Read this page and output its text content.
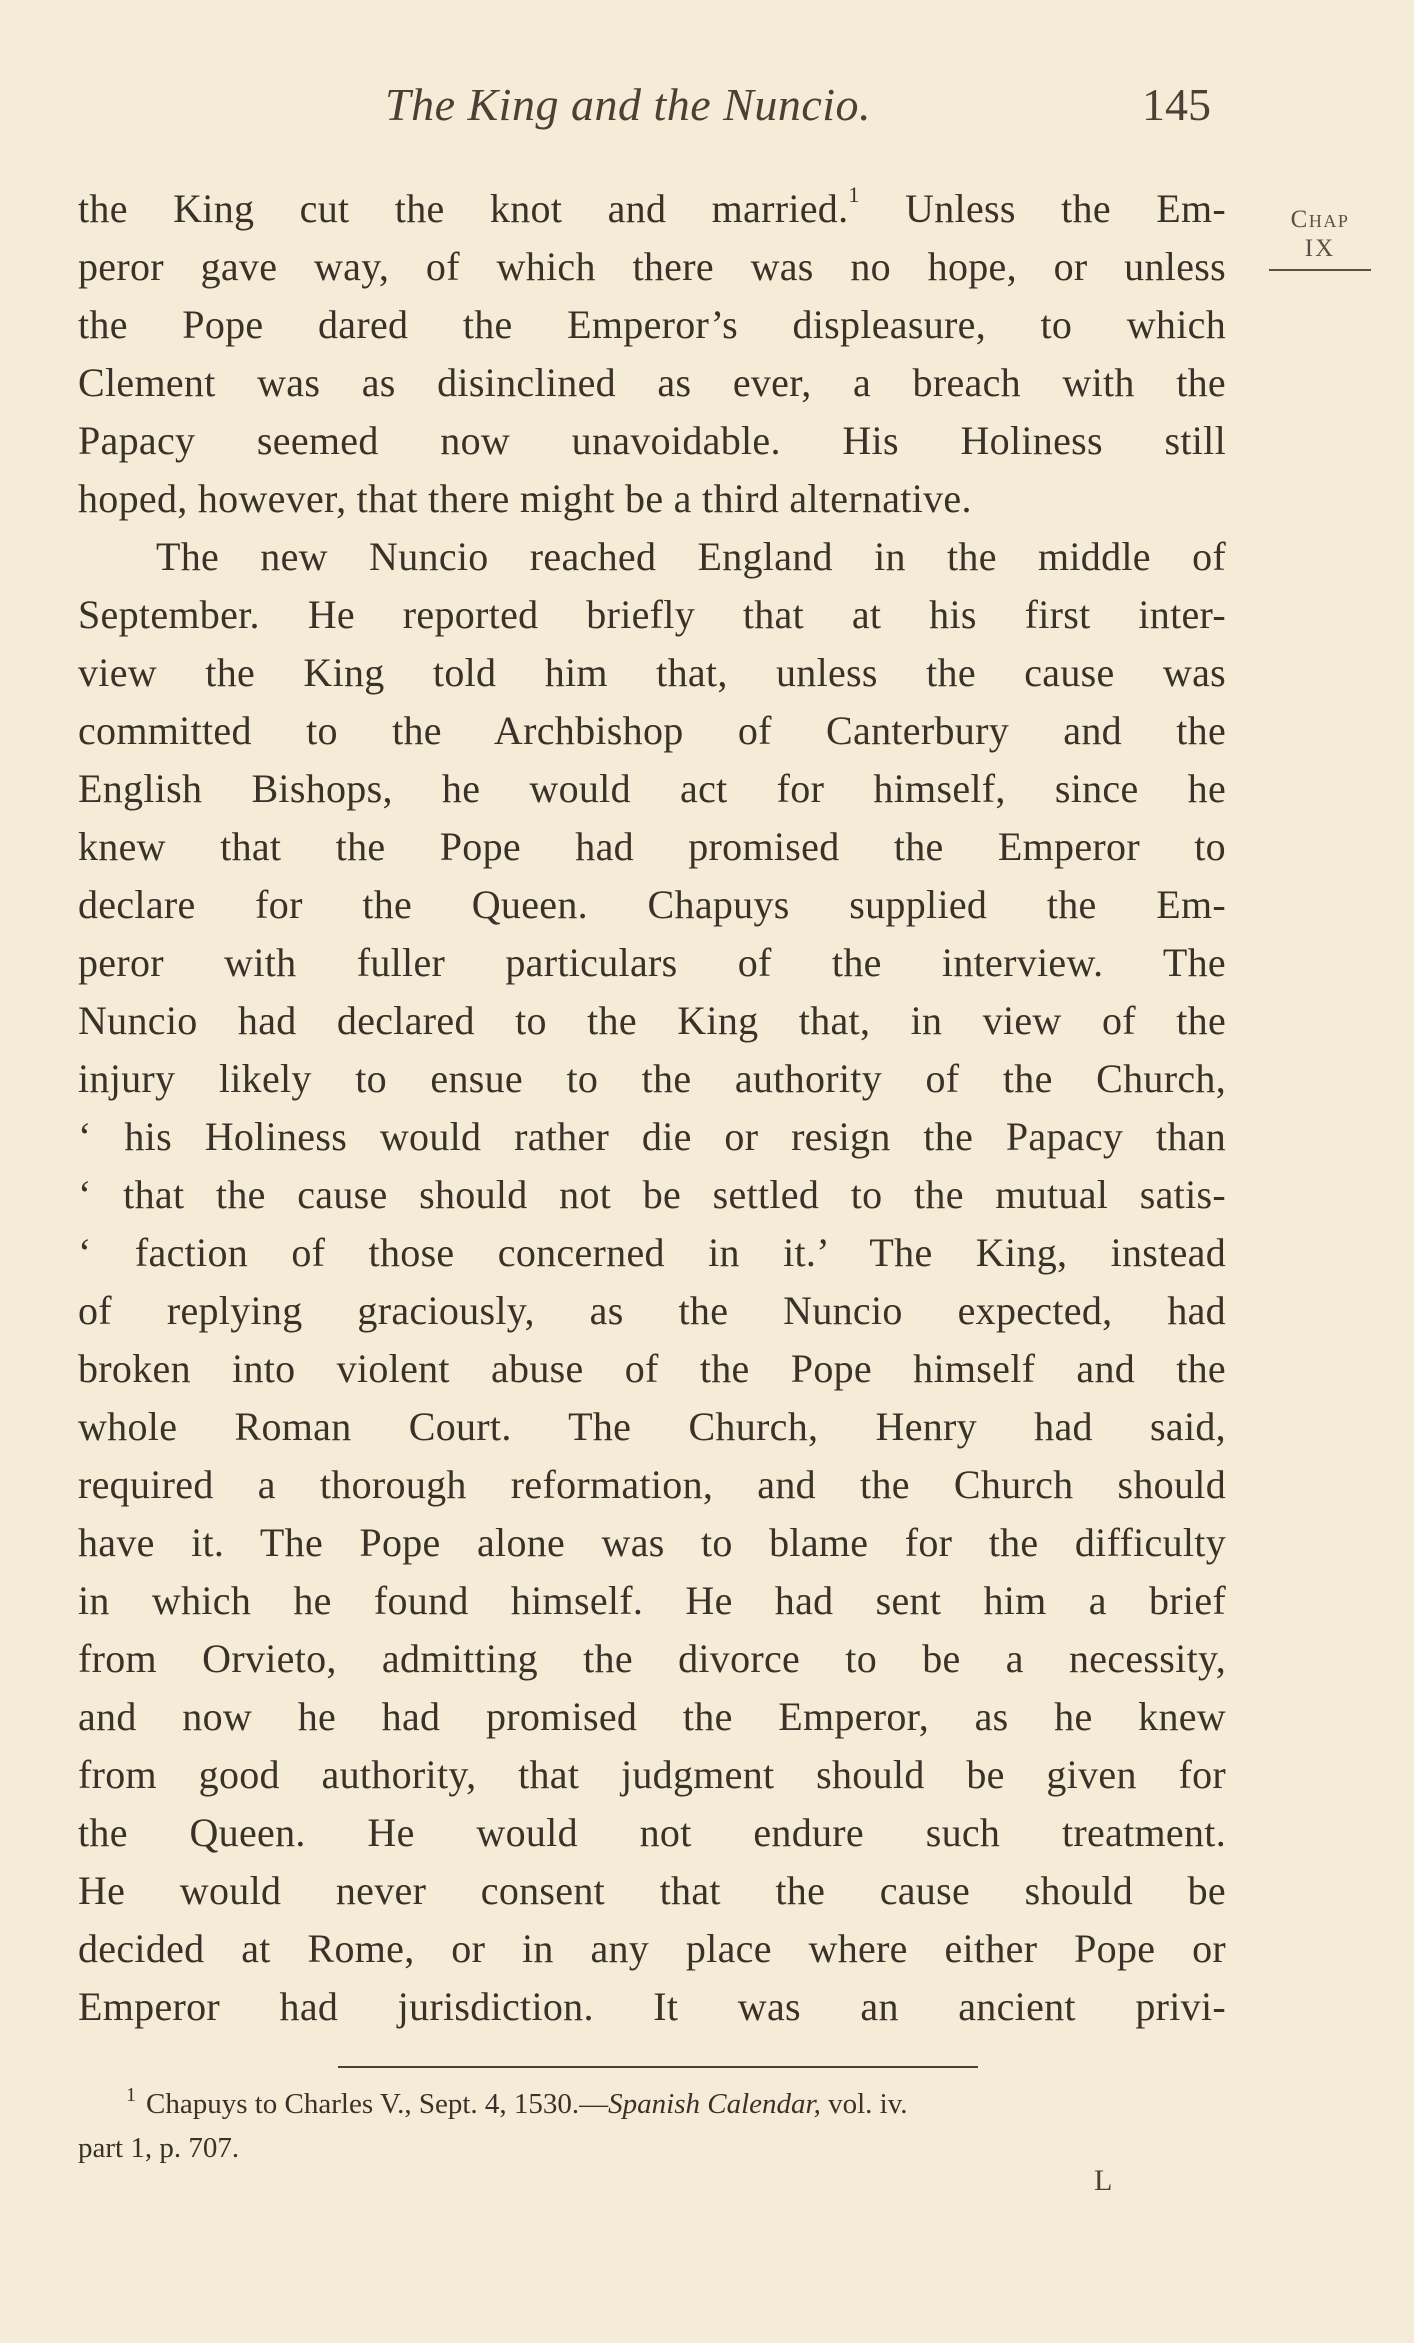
The King and the Nuncio.	145
Chap
IX
the King cut the knot and married.$^1$ Unless the Em-
peror gave way, of which there was no hope, or unless
the Pope dared the Emperor’s displeasure, to which
Clement was as disinclined as ever, a breach with the
Papacy seemed now unavoidable. His Holiness still
hoped, however, that there might be a third alternative.
The new Nuncio reached England in the middle of
September. He reported briefly that at his first inter-
view the King told him that, unless the cause was
committed to the Archbishop of Canterbury and the
English Bishops, he would act for himself, since he
knew that the Pope had promised the Emperor to
declare for the Queen. Chapuys supplied the Em-
peror with fuller particulars of the interview. The
Nuncio had declared to the King that, in view of the
injury likely to ensue to the authority of the Church,
‘ his Holiness would rather die or resign the Papacy than
‘ that the cause should not be settled to the mutual satis-
‘ faction of those concerned in it.’ The King, instead
of replying graciously, as the Nuncio expected, had
broken into violent abuse of the Pope himself and the
whole Roman Court. The Church, Henry had said,
required a thorough reformation, and the Church should
have it. The Pope alone was to blame for the difficulty
in which he found himself. He had sent him a brief
from Orvieto, admitting the divorce to be a necessity,
and now he had promised the Emperor, as he knew
from good authority, that judgment should be given for
the Queen. He would not endure such treatment.
He would never consent that the cause should be
decided at Rome, or in any place where either Pope or
Emperor had jurisdiction. It was an ancient privi-
$^1$ Chapuys to Charles V., Sept. 4, 1530.—Spanish Calendar, vol. iv.
part 1, p. 707.
L
